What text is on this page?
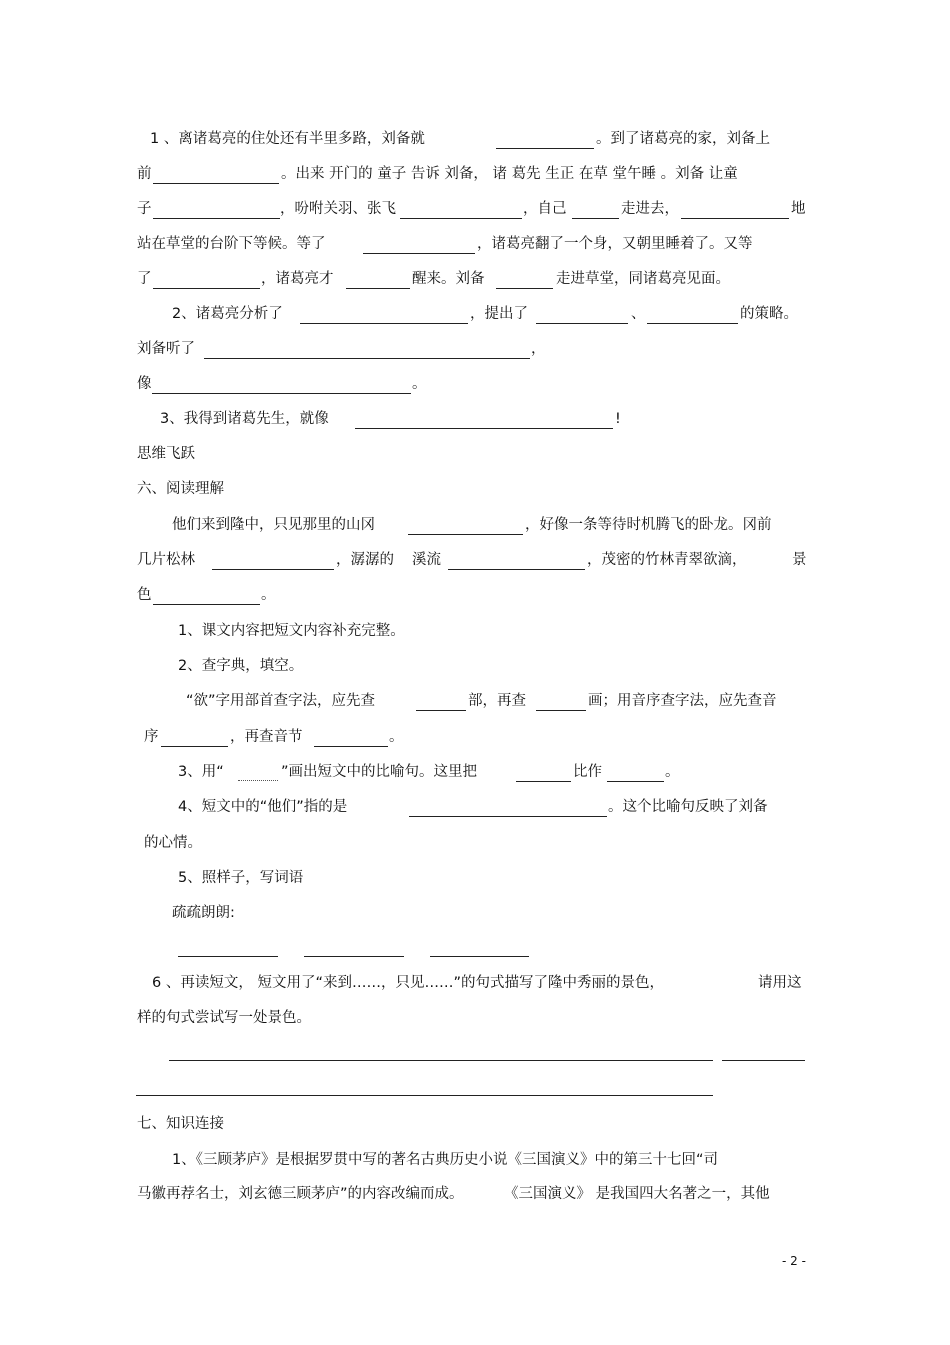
1 、离诸葛亮的住处还有半里多路，刘备就	。到了诸葛亮的家，刘备上
前	。出来 开门的 童子 告诉 刘备， 诸 葛先 生正 在草 堂午睡 。刘备 让童
子	，吩咐关羽、张飞	，自己	走进去，	地
站在草堂的台阶下等候。等了	，诸葛亮翻了一个身，又朝里睡着了。又等
了	，诸葛亮才	醒来。刘备	走进草堂，同诸葛亮见面。
2、诸葛亮分析了	，提出了	、	的策略。
刘备听了	，
像	。
3、我得到诸葛先生，就像	!
思维飞跃
六、阅读理解
他们来到隆中，只见那里的山冈	，好像一条等待时机腾飞的卧龙。冈前
几片松林	，潺潺的 溪流	，茂密的竹林青翠欲滴，	景
色	。
1、课文内容把短文内容补充完整。
2、查字典，填空。
“欲”字用部首查字法，应先查	部，再查	画；用音序查字法，应先查音
序	，再查音节	。
3、用“	”画出短文中的比喻句。这里把	比作	。
4、短文中的“他们”指的是	。这个比喻句反映了刘备
的心情。
5、照样子，写词语
疏疏朗朗:
6 、再读短文， 短文用了“来到……，只见……”的句式描写了隆中秀丽的景色，	请用这
样的句式尝试写一处景色。
七、知识连接
1、《三顾茅庐》是根据罗贯中写的著名古典历史小说《三国演义》中的第三十七回“司
马徽再荐名士，刘玄德三顾茅庐”的内容改编而成。	《三国演义》 是我国四大名著之一，其他
- 2 -
